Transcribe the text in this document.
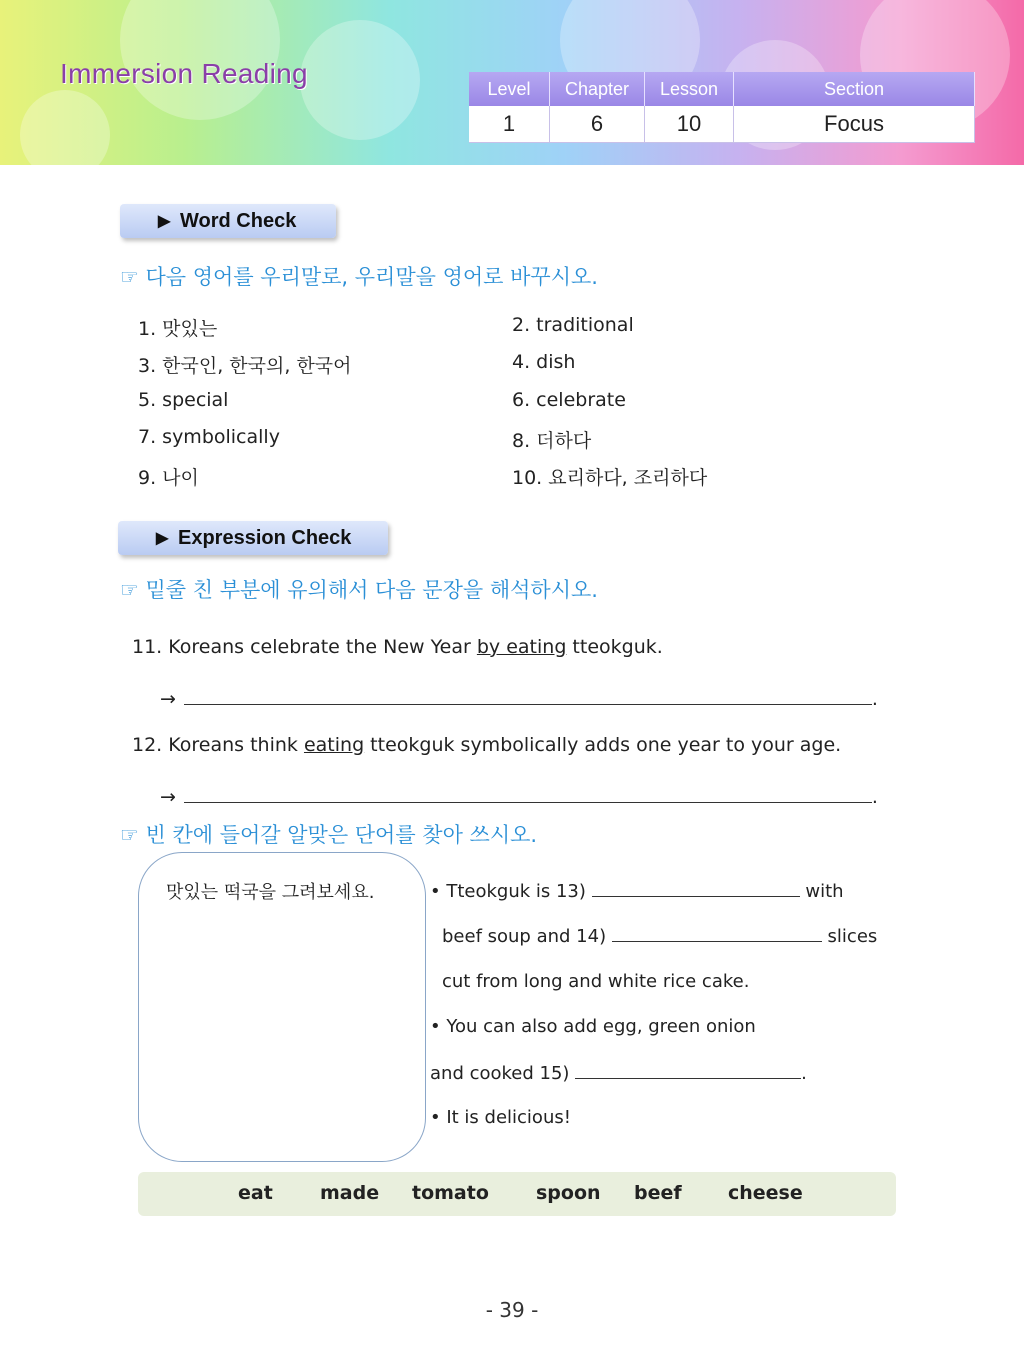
Immersion Reading	Level	Chapter	Lesson	Section
1	6	10	Focus
▶ Word Check
☞ 다음 영어를 우리말로, 우리말을 영어로 바꾸시오.
1. 맛있는	2. traditional
3. 한국인, 한국의, 한국어	4. dish
5. special	6. celebrate
7. symbolically	8. 더하다
9. 나이	10. 요리하다, 조리하다
▶ Expression Check
☞ 밑줄 친 부분에 유의해서 다음 문장을 해석하시오.
11. Koreans celebrate the New Year by eating tteokguk.
→	.
12. Koreans think eating tteokguk symbolically adds one year to your age.
→	.
☞ 빈 칸에 들어갈 알맞은 단어를 찾아 쓰시오.
맛있는 떡국을 그려보세요.	• Tteokguk is 13)	with
beef soup and 14)	slices
cut from long and white rice cake.
• You can also add egg, green onion
and cooked 15)	.
• It is delicious!
eat made tomato spoon beef cheese
- 39 -
